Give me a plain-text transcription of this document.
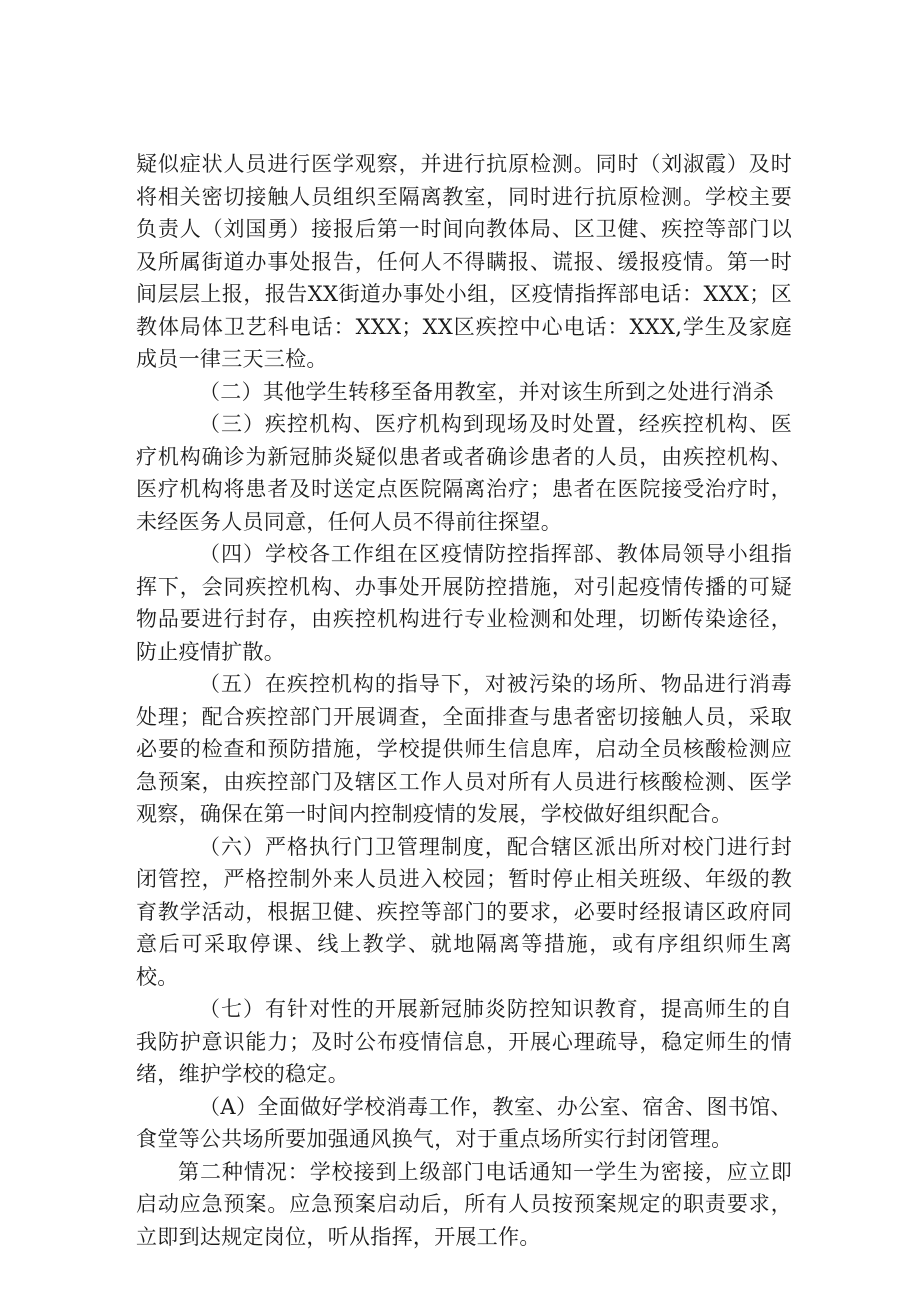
疑似症状人员进行医学观察，并进行抗原检测。同时（刘淑霞）及时将相关密切接触人员组织至隔离教室，同时进行抗原检测。学校主要负责人（刘国勇）接报后第一时间向教体局、区卫健、疾控等部门以及所属街道办事处报告，任何人不得瞒报、谎报、缓报疫情。第一时间层层上报，报告XX街道办事处小组，区疫情指挥部电话：XXX；区教体局体卫艺科电话：XXX；XX区疾控中心电话：XXX,学生及家庭成员一律三天三检。

（二）其他学生转移至备用教室，并对该生所到之处进行消杀

（三）疾控机构、医疗机构到现场及时处置，经疾控机构、医疗机构确诊为新冠肺炎疑似患者或者确诊患者的人员，由疾控机构、医疗机构将患者及时送定点医院隔离治疗；患者在医院接受治疗时，未经医务人员同意，任何人员不得前往探望。

（四）学校各工作组在区疫情防控指挥部、教体局领导小组指挥下，会同疾控机构、办事处开展防控措施，对引起疫情传播的可疑物品要进行封存，由疾控机构进行专业检测和处理，切断传染途径，防止疫情扩散。

（五）在疾控机构的指导下，对被污染的场所、物品进行消毒处理；配合疾控部门开展调查，全面排查与患者密切接触人员，采取必要的检查和预防措施，学校提供师生信息库，启动全员核酸检测应急预案，由疾控部门及辖区工作人员对所有人员进行核酸检测、医学观察，确保在第一时间内控制疫情的发展，学校做好组织配合。

（六）严格执行门卫管理制度，配合辖区派出所对校门进行封闭管控，严格控制外来人员进入校园；暂时停止相关班级、年级的教育教学活动，根据卫健、疾控等部门的要求，必要时经报请区政府同意后可采取停课、线上教学、就地隔离等措施，或有序组织师生离校。

（七）有针对性的开展新冠肺炎防控知识教育，提高师生的自我防护意识能力；及时公布疫情信息，开展心理疏导，稳定师生的情绪，维护学校的稳定。

（A）全面做好学校消毒工作，教室、办公室、宿舍、图书馆、食堂等公共场所要加强通风换气，对于重点场所实行封闭管理。

第二种情况：学校接到上级部门电话通知一学生为密接，应立即启动应急预案。应急预案启动后，所有人员按预案规定的职责要求，立即到达规定岗位，听从指挥，开展工作。
